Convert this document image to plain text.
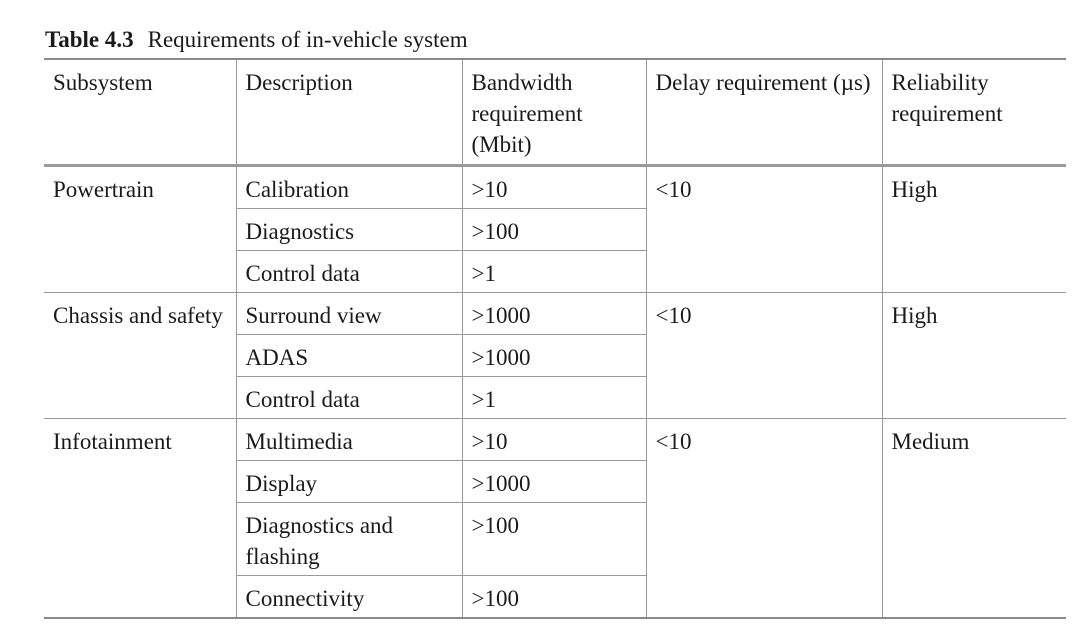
Table 4.3 Requirements of in-vehicle system
Subsystem	Description	Bandwidth requirement (Mbit)	Delay requirement (µs)	Reliability requirement
Powertrain	Calibration	>10	<10	High
	Diagnostics	>100		
	Control data	>1		
Chassis and safety	Surround view	>1000	<10	High
	ADAS	>1000		
	Control data	>1		
Infotainment	Multimedia	>10	<10	Medium
	Display	>1000		
	Diagnostics and flashing	>100		
	Connectivity	>100		
